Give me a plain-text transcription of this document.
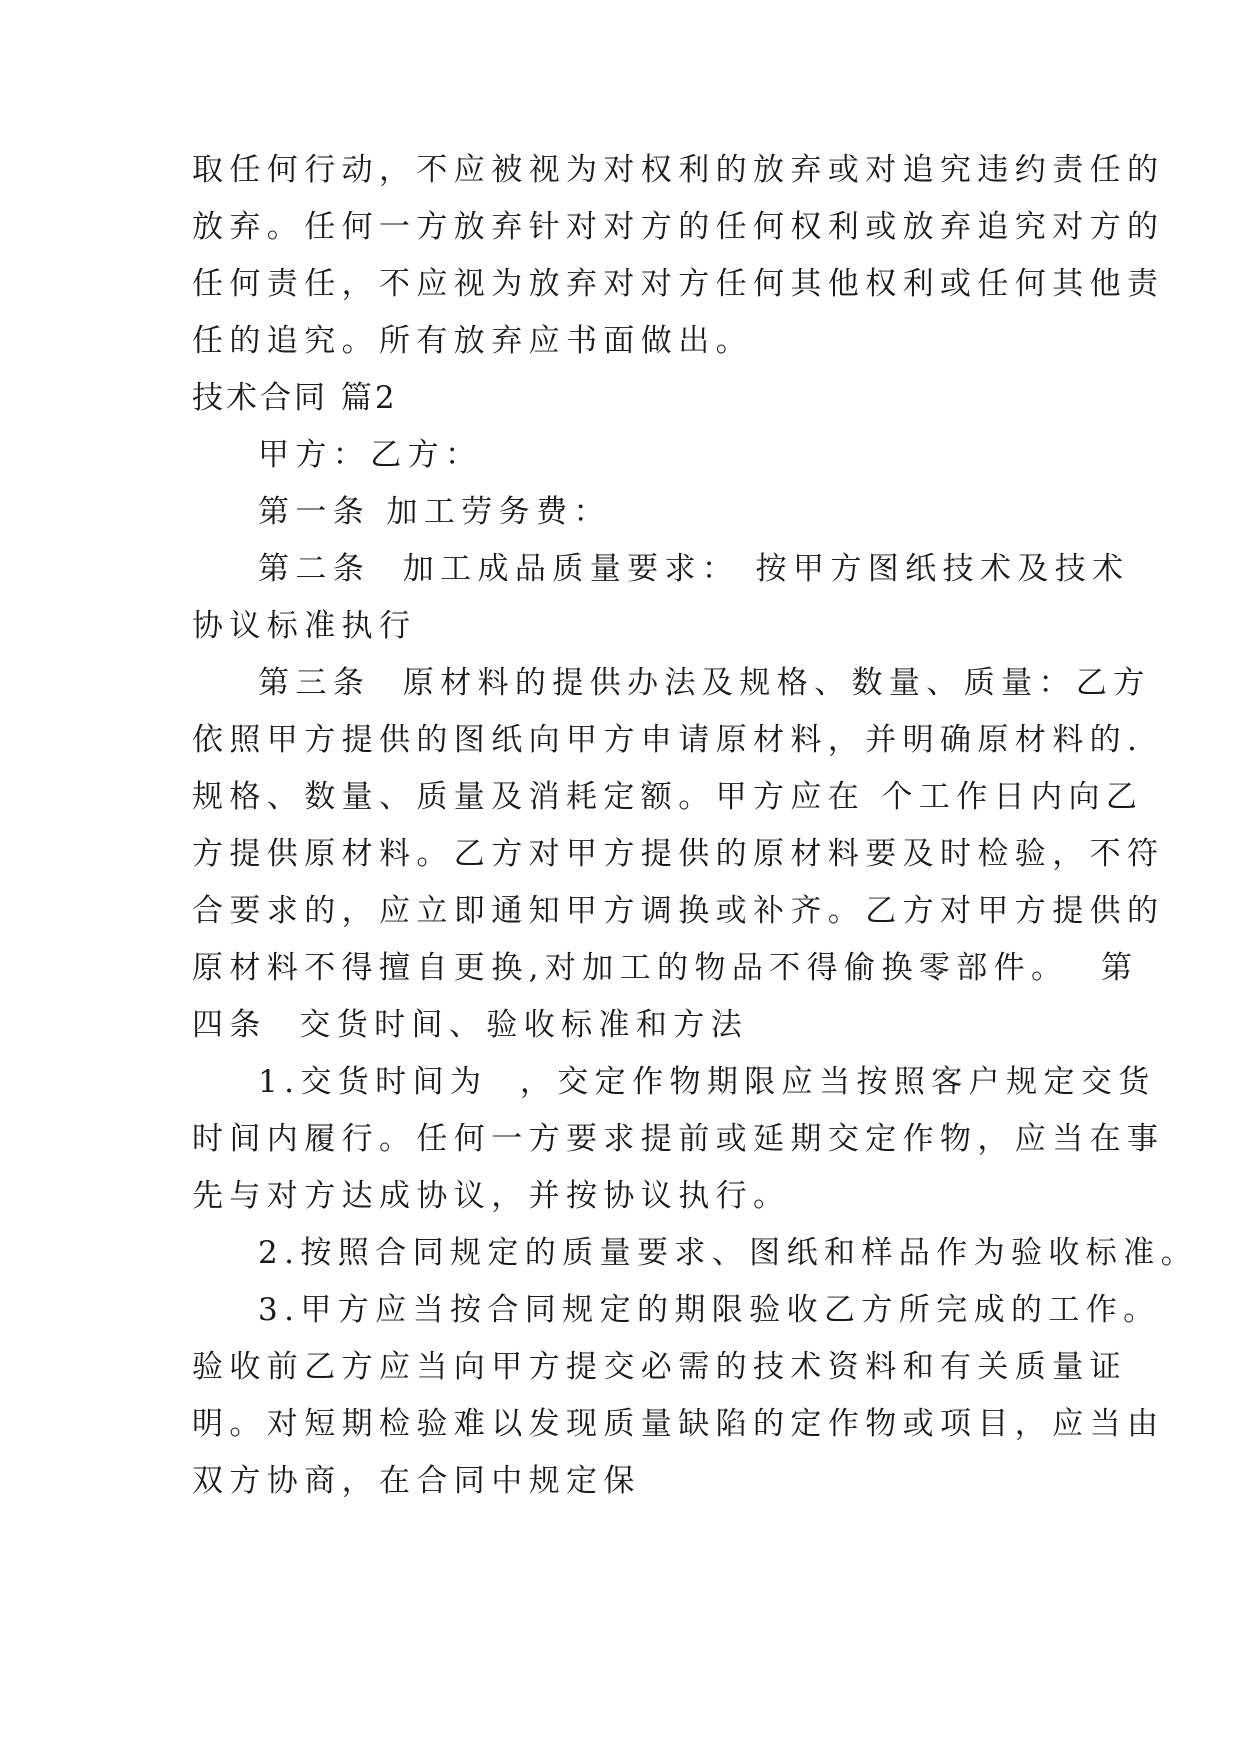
取任何行动，不应被视为对权利的放弃或对追究违约责任的

放弃。任何一方放弃针对对方的任何权利或放弃追究对方的

任何责任，不应视为放弃对对方任何其他权利或任何其他责

任的追究。所有放弃应书面做出。

技术合同 篇2

甲方：乙方：

第一条 加工劳务费：

第二条  加工成品质量要求： 按甲方图纸技术及技术

协议标准执行

第三条  原材料的提供办法及规格、数量、质量：乙方

依照甲方提供的图纸向甲方申请原材料，并明确原材料的.

规格、数量、质量及消耗定额。甲方应在 个工作日内向乙

方提供原材料。乙方对甲方提供的原材料要及时检验，不符

合要求的，应立即通知甲方调换或补齐。乙方对甲方提供的

原材料不得擅自更换,对加工的物品不得偷换零部件。  第

四条  交货时间、验收标准和方法

1.交货时间为  ，交定作物期限应当按照客户规定交货

时间内履行。任何一方要求提前或延期交定作物，应当在事

先与对方达成协议，并按协议执行。

2.按照合同规定的质量要求、图纸和样品作为验收标准。

3.甲方应当按合同规定的期限验收乙方所完成的工作。

验收前乙方应当向甲方提交必需的技术资料和有关质量证

明。对短期检验难以发现质量缺陷的定作物或项目，应当由

双方协商，在合同中规定保
